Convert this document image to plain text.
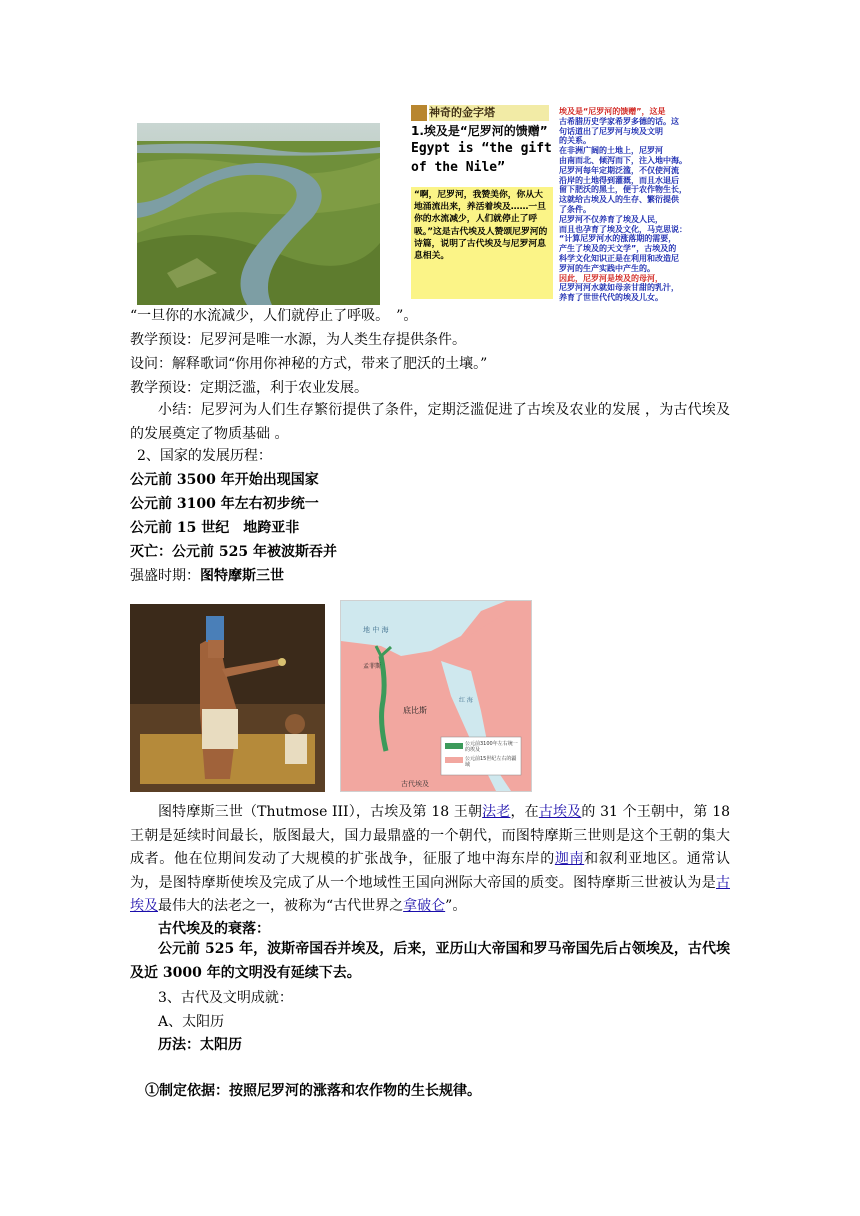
神奇的金字塔
1.埃及是“尼罗河的馈赠”
Egypt is “the gift of the Nile”
“啊，尼罗河，我赞美你，你从大地涌流出来，养活着埃及……一旦你的水流减少，人们就停止了呼吸。”这是古代埃及人赞颂尼罗河的诗篇，说明了古代埃及与尼罗河息息相关。
埃及是“尼罗河的馈赠”，这是
古希腊历史学家希罗多德的话。这
句话道出了尼罗河与埃及文明
的关系。
在非洲广阔的土地上，尼罗河
由南而北、倾泻而下，注入地中海。
尼罗河每年定期泛滥，不仅使河流
沿岸的土地得到灌溉，而且水退后
留下肥沃的黑土，便于农作物生长，
这就给古埃及人的生存、繁衍提供
了条件。
尼罗河不仅养育了埃及人民，
而且也孕育了埃及文化，马克思说：
“计算尼罗河水的涨落期的需要，
产生了埃及的天文学”，古埃及的
科学文化知识正是在利用和改造尼
罗河的生产实践中产生的。
因此，尼罗河是埃及的母河，
尼罗河河水就如母亲甘甜的乳汁，
养育了世世代代的埃及儿女。
“一旦你的水流减少，人们就停止了呼吸。　”。
教学预设：尼罗河是唯一水源，为人类生存提供条件。
设问：解释歌词“你用你神秘的方式，带来了肥沃的土壤。”
教学预设：定期泛滥，利于农业发展。
小结：尼罗河为人们生存繁衍提供了条件，定期泛滥促进了古埃及农业的发展 ，为古代埃及的发展奠定了物质基础 。
2、国家的发展历程：
公元前 3500 年开始出现国家
公元前 3100 年左右初步统一
公元前 15 世纪　地跨亚非
灭亡：公元前 525 年被波斯吞并
强盛时期：图特摩斯三世
地 中 海
红 海
孟菲斯
底比斯
公元前3100年左右统一的埃及
公元前15世纪左右的疆域
古代埃及
图特摩斯三世（Thutmose III），古埃及第 18 王朝法老，在古埃及的 31 个王朝中，第 18 王朝是延续时间最长，版图最大，国力最鼎盛的一个朝代，而图特摩斯三世则是这个王朝的集大成者。他在位期间发动了大规模的扩张战争，征服了地中海东岸的迦南和叙利亚地区。通常认为，是图特摩斯使埃及完成了从一个地域性王国向洲际大帝国的质变。图特摩斯三世被认为是古埃及最伟大的法老之一，被称为“古代世界之拿破仑”。
古代埃及的衰落：
公元前 525 年，波斯帝国吞并埃及，后来，亚历山大帝国和罗马帝国先后占领埃及，古代埃及近 3000 年的文明没有延续下去。
3、古代及文明成就：
A、太阳历
历法：太阳历
①制定依据：按照尼罗河的涨落和农作物的生长规律。
